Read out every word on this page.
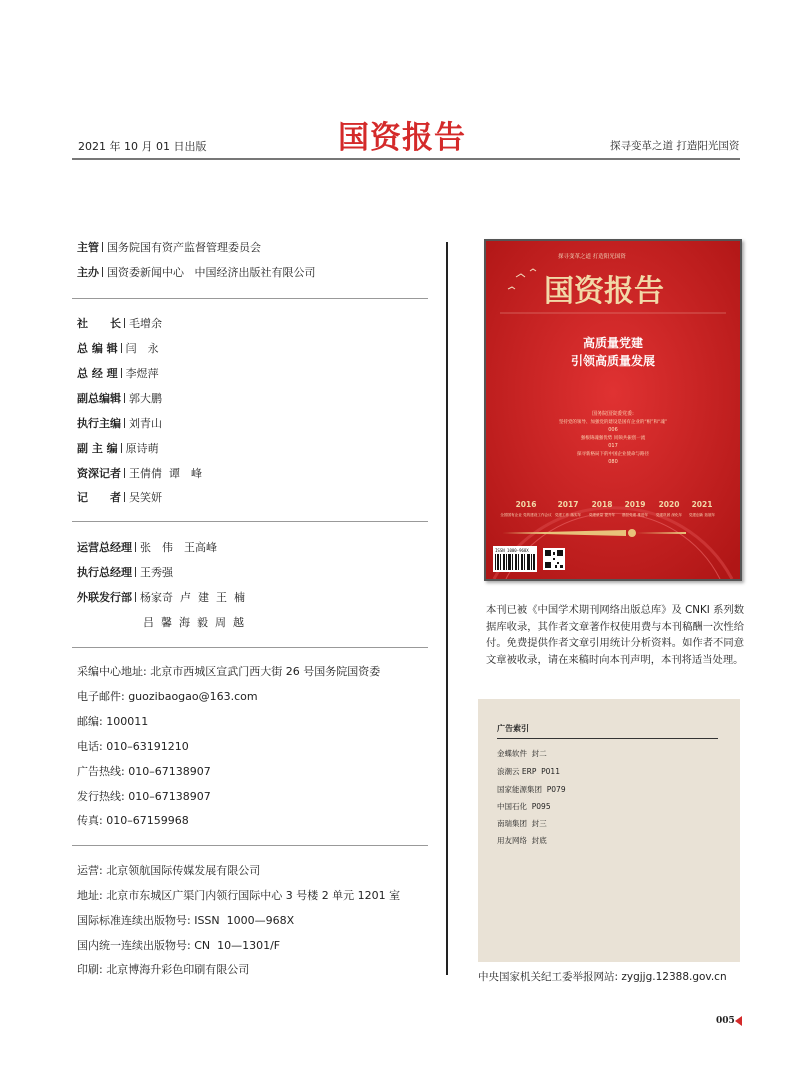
2021 年 10 月 01 日出版	国资报告	探寻变革之道 打造阳光国资
主管 国务院国有资产监督管理委员会
主办 国资委新闻中心   中国经济出版社有限公司
社　　长 毛增余
总 编 辑 闫　永
总 经 理 李煜萍
副总编辑 郭大鹏
执行主编 刘青山
副 主 编 原诗萌
资深记者 王倩倩  谭　峰
记　　者 吴笑妍
运营总经理 张　伟　王高峰
执行总经理 王秀强
外联发行部 杨家奇  卢  建  王  楠
吕  馨  海  毅  周  越
采编中心地址: 北京市西城区宣武门西大街 26 号国务院国资委
电子邮件: guozibaogao@163.com
邮编: 100011
电话: 010–63191210
广告热线: 010–67138907
发行热线: 010–67138907
传真: 010–67159968
运营: 北京领航国际传媒发展有限公司
地址: 北京市东城区广渠门内领行国际中心 3 号楼 2 单元 1201 室
国际标准连续出版物号: ISSN  1000—968X
国内统一连续出版物号: CN  10—1301/F
印刷: 北京博海升彩色印刷有限公司
探寻变革之道 打造阳光国资
国资报告
高质量党建
引领高质量发展
国务院国资委党委:
坚持党的领导、加强党的建设是国有企业的“根”和“魂”
006
强根铸魂强优势 同频共振创一流
017
探寻新格局下的中国企业使命与路径
080
2016	2017 2018 2019 2020 2021
全国国有企业 党的建设工作会议 党建工作 落实年 党建质量 提升年 基层党建 推进年 党建巩固 深化年 党建创新 拓展年
ISSN 1000-968X
本刊已被《中国学术期刊网络出版总库》及 CNKI 系列数据库收录，其作者文章著作权使用费与本刊稿酬一次性给付。免费提供作者文章引用统计分析资料。如作者不同意文章被收录，请在来稿时向本刊声明，本刊将适当处理。
广告索引
金蝶软件  封二
浪潮云 ERP  P011
国家能源集团  P079
中国石化  P095
南瑞集团  封三
用友网络  封底
中央国家机关纪工委举报网站: zygjjg.12388.gov.cn
005
